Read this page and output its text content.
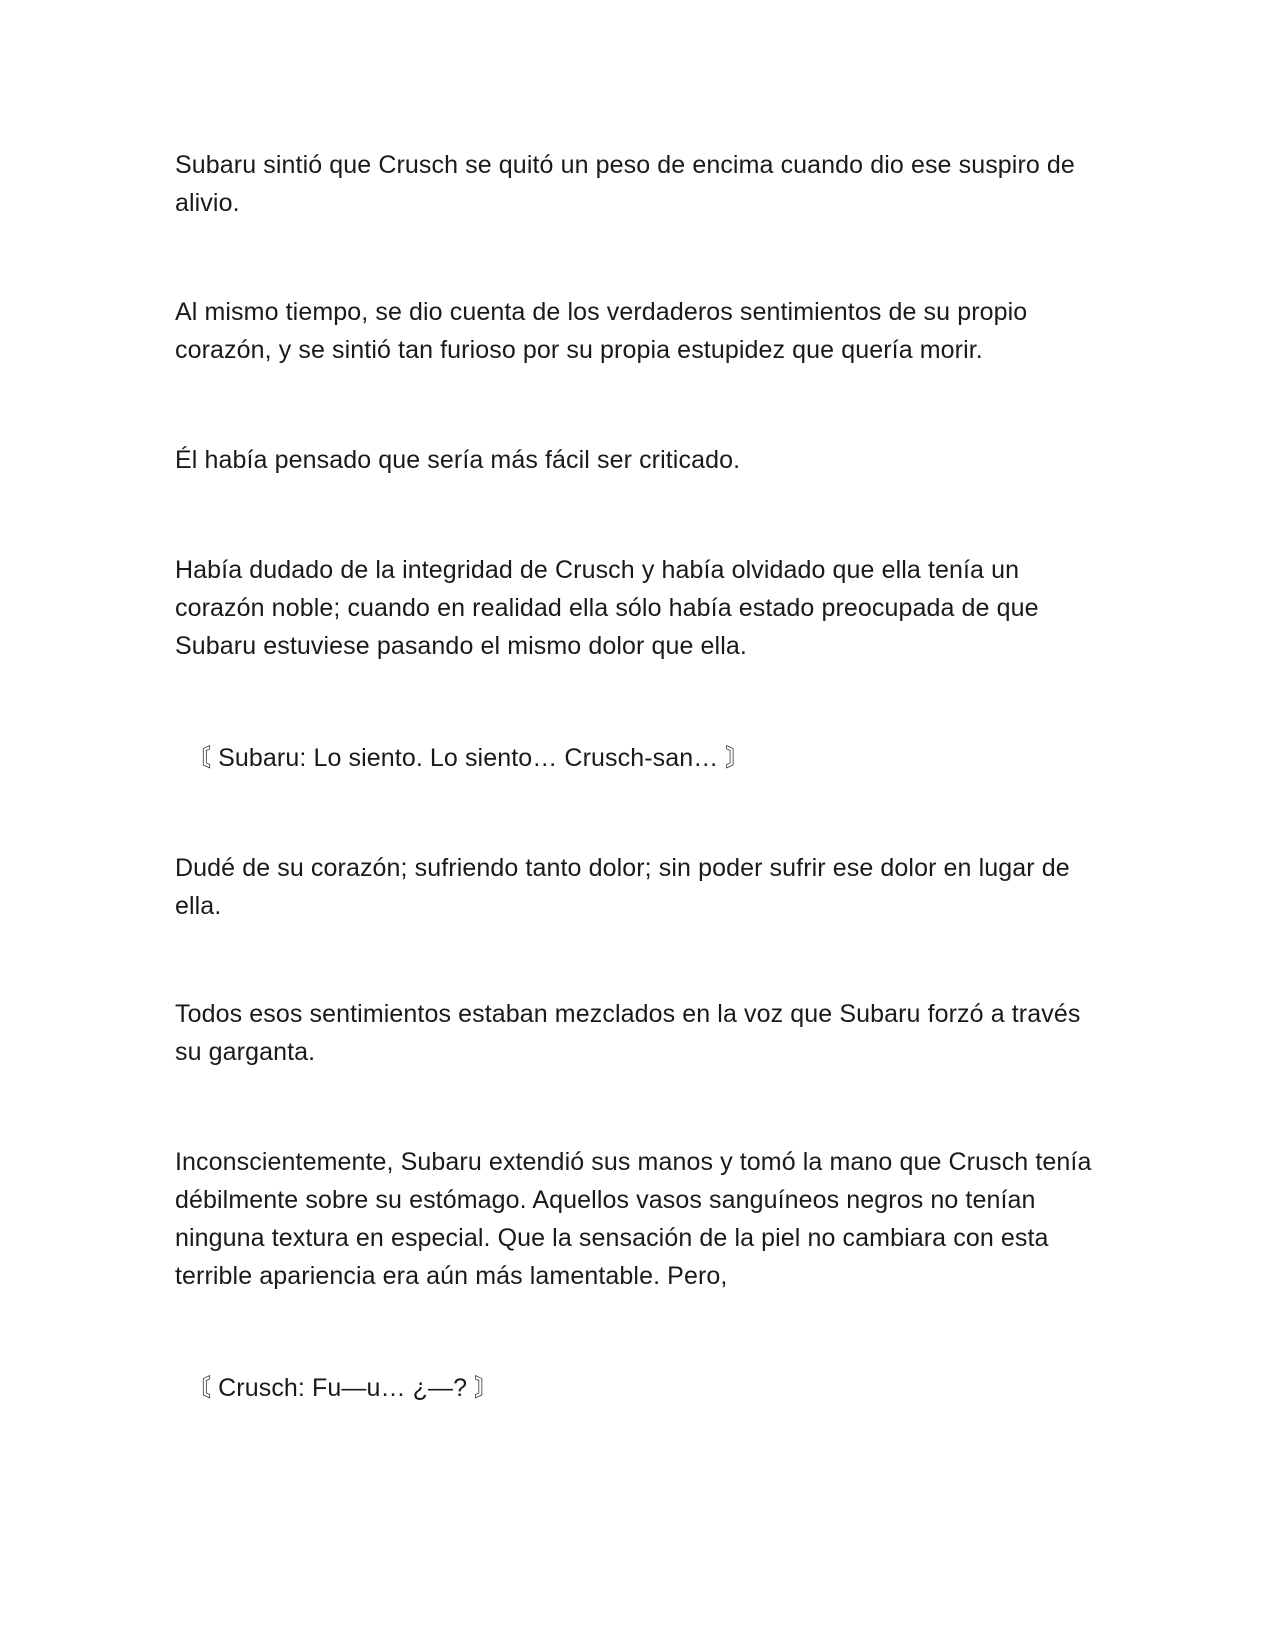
Subaru sintió que Crusch se quitó un peso de encima cuando dio ese suspiro de alivio.

Al mismo tiempo, se dio cuenta de los verdaderos sentimientos de su propio corazón, y se sintió tan furioso por su propia estupidez que quería morir.

Él había pensado que sería más fácil ser criticado.

Había dudado de la integridad de Crusch y había olvidado que ella tenía un corazón noble; cuando en realidad ella sólo había estado preocupada de que Subaru estuviese pasando el mismo dolor que ella.

〘 Subaru: Lo siento. Lo siento… Crusch-san… 〙

Dudé de su corazón; sufriendo tanto dolor; sin poder sufrir ese dolor en lugar de ella.

Todos esos sentimientos estaban mezclados en la voz que Subaru forzó a través su garganta.

Inconscientemente, Subaru extendió sus manos y tomó la mano que Crusch tenía débilmente sobre su estómago. Aquellos vasos sanguíneos negros no tenían ninguna textura en especial. Que la sensación de la piel no cambiara con esta terrible apariencia era aún más lamentable. Pero,

〘 Crusch: Fu—u… ¿—? 〙
